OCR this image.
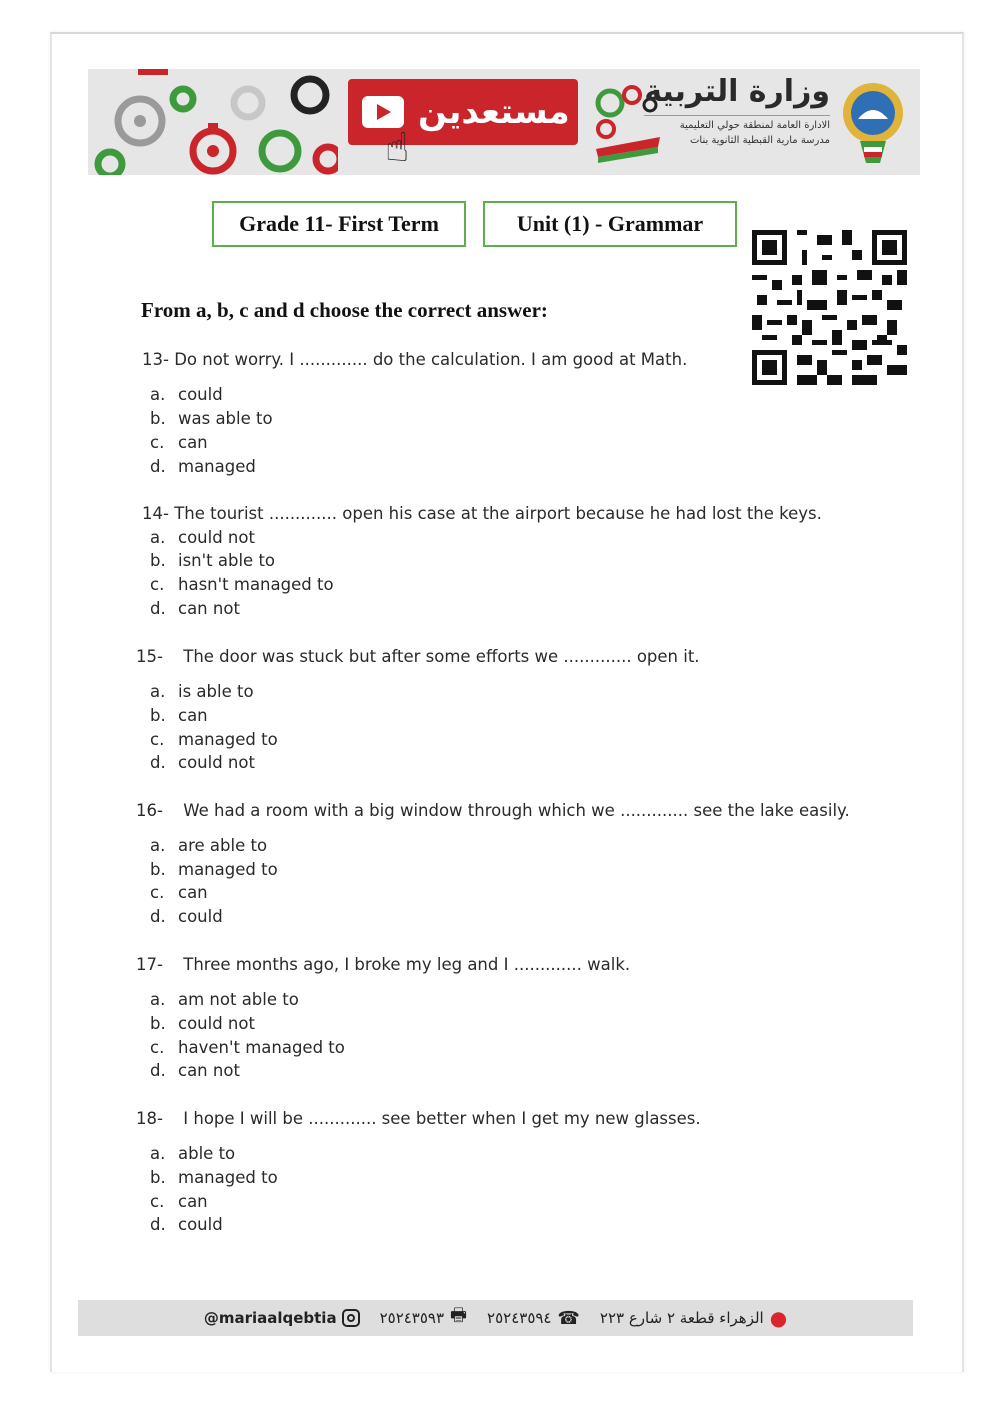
مستعدين
☝
وزارة التربية
الادارة العامة لمنطقة حولي التعليمية
مدرسة مارية القبطية الثانوية بنات
Grade 11- First Term	Unit (1) - Grammar
From a, b, c and d choose the correct answer:
13- Do not worry. I ............. do the calculation. I am good at Math.
a. could
b. was able to
c. can
d. managed
14- The tourist ............. open his case at the airport because he had lost the keys.
a. could not
b. isn't able to
c. hasn't managed to
d. can not
15- The door was stuck but after some efforts we ............. open it.
a. is able to
b. can
c. managed to
d. could not
16- We had a room with a big window through which we ............. see the lake easily.
a. are able to
b. managed to
c. can
d. could
17- Three months ago, I broke my leg and I ............. walk.
a. am not able to
b. could not
c. haven't managed to
d. can not
18- I hope I will be ............. see better when I get my new glasses.
a. able to
b. managed to
c. can
d. could
@mariaalqebtia	٢٥٢٤٣٥٩٣ 🖶 ٢٥٢٤٣٥٩٤ ☎ الزهراء قطعة ٢ شارع ٢٢٣ ●
